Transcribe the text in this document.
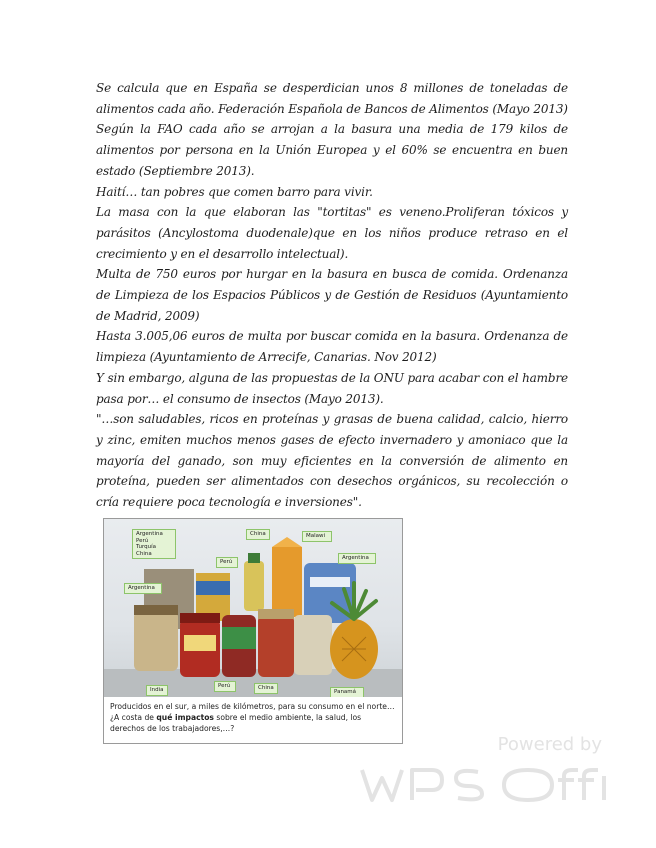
Se calcula que en España se desperdician unos 8 millones de toneladas de alimentos cada año. Federación Española de Bancos de Alimentos (Mayo 2013)

Según la FAO cada año se arrojan a la basura una media de 179 kilos de alimentos por persona en la Unión Europea y el 60% se encuentra en buen estado (Septiembre 2013).

Haití… tan pobres que comen barro para vivir.

La masa con la que elaboran las "tortitas" es veneno.Proliferan tóxicos y parásitos (Ancylostoma duodenale)que en los niños produce retraso en el crecimiento y en el desarrollo intelectual).

Multa de 750 euros por hurgar en la basura en busca de comida. Ordenanza de Limpieza de los Espacios Públicos y de Gestión de Residuos (Ayuntamiento de Madrid, 2009)

Hasta 3.005,06 euros de multa por buscar comida en la basura. Ordenanza de limpieza (Ayuntamiento de Arrecife, Canarias. Nov 2012)

Y sin embargo, alguna de las propuestas de la ONU para acabar con el hambre pasa por… el consumo de insectos (Mayo 2013).

"…son saludables, ricos en proteínas y grasas de buena calidad, calcio, hierro y zinc, emiten muchos menos gases de efecto invernadero y amoniaco que la mayoría del ganado, son muy eficientes en la conversión de alimento en proteína, pueden ser alimentados con desechos orgánicos, su recolección o cría requiere poca tecnología e inversiones".

Argentina
Perú
Turquía
China
China	Malawi
Perú
Argentina
Argentina
India
Perú	China
Panamá
Producidos en el sur, a miles de kilómetros, para su consumo en el norte… ¿A costa de qué impactos sobre el medio ambiente, la salud, los derechos de los trabajadores,…?
Powered by
